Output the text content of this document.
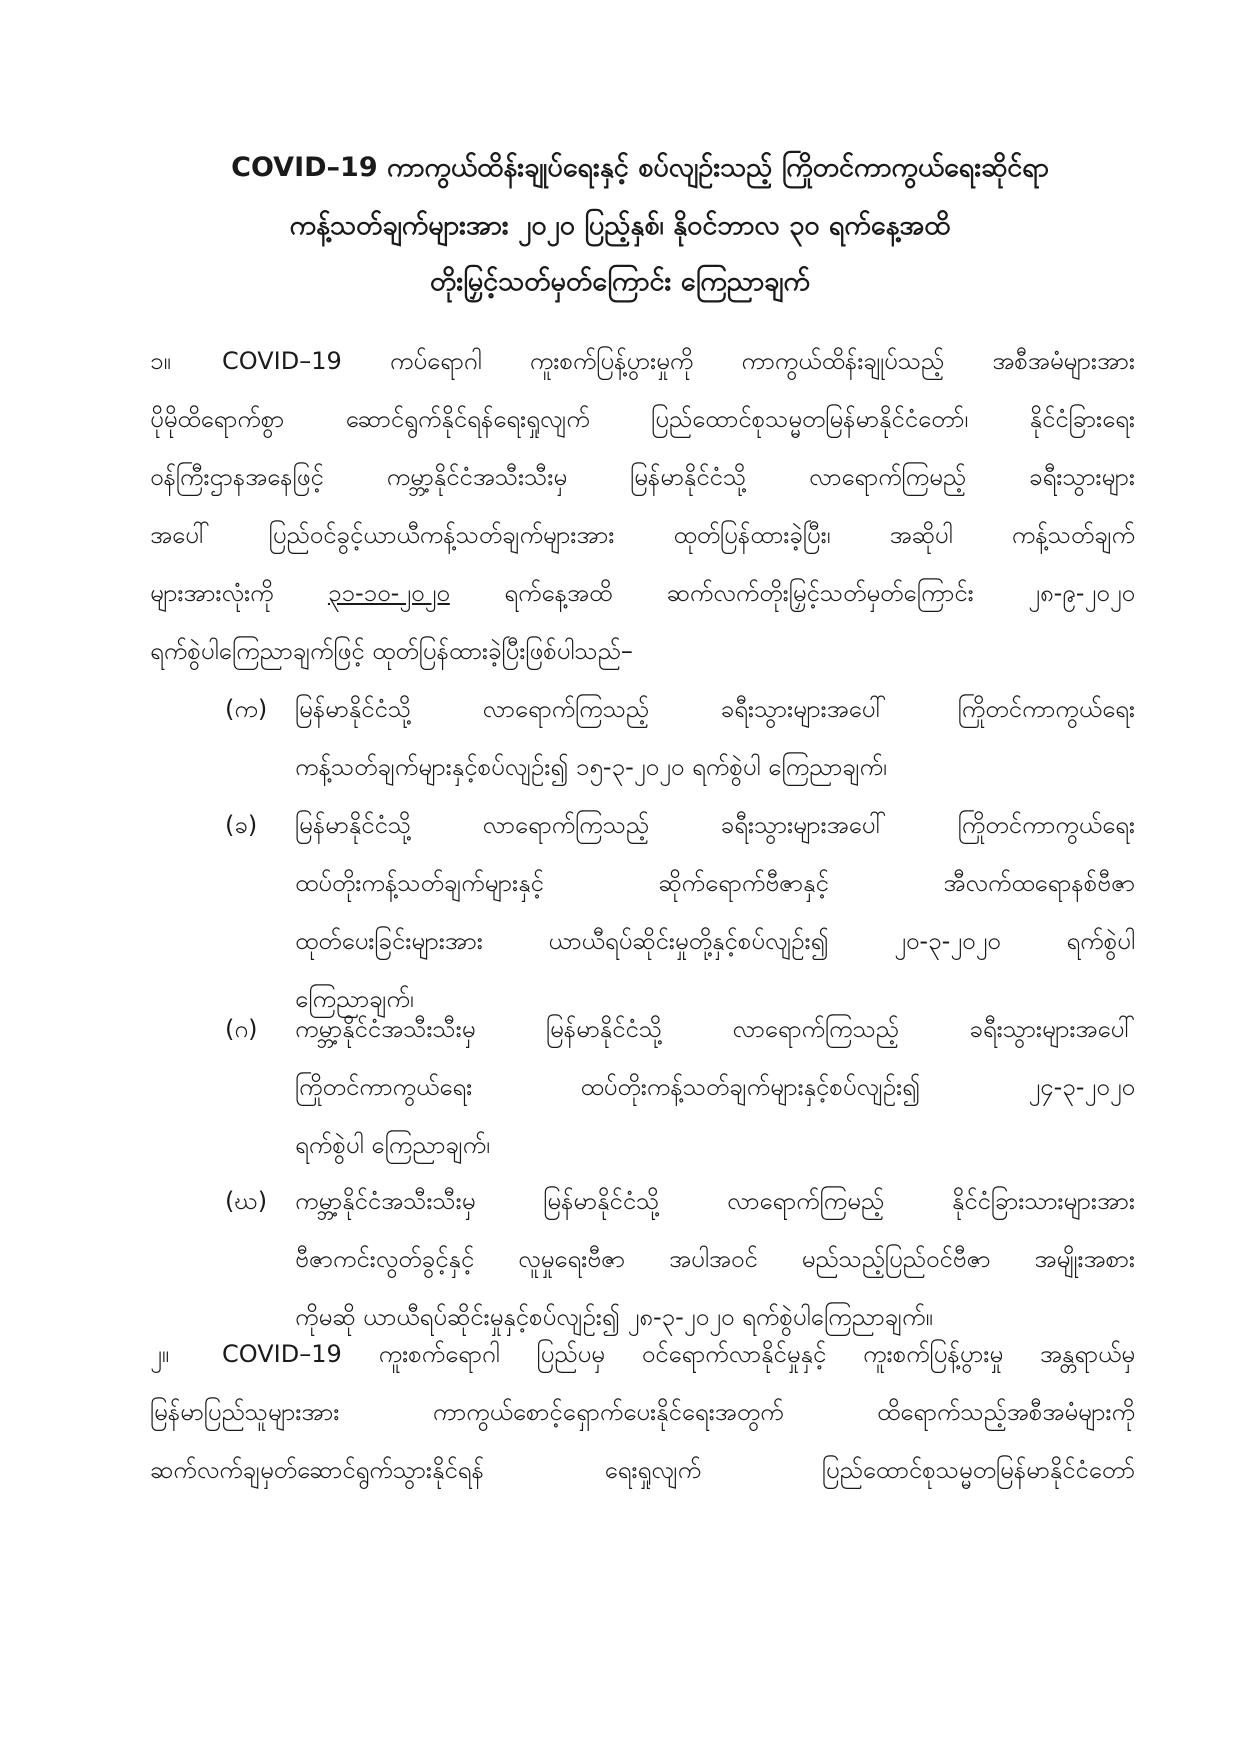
COVID–19 ကာကွယ်ထိန်းချုပ်ရေးနှင့် စပ်လျဉ်းသည့် ကြိုတင်ကာကွယ်ရေးဆိုင်ရာ
ကန့်သတ်ချက်များအား ၂၀၂၀ ပြည့်နှစ်၊ နိုဝင်ဘာလ ၃၀ ရက်နေ့အထိ
တိုးမြှင့်သတ်မှတ်ကြောင်း ကြေညာချက်
၁။ COVID–19 ကပ်ရောဂါ ကူးစက်ပြန့်ပွားမှုကို ကာကွယ်ထိန်းချုပ်သည့် အစီအမံများအား
ပိုမိုထိရောက်စွာ ဆောင်ရွက်နိုင်ရန်ရေးရှုလျက် ပြည်ထောင်စုသမ္မတမြန်မာနိုင်ငံတော်၊ နိုင်ငံခြားရေး
ဝန်ကြီးဌာနအနေဖြင့် ကမ္ဘာ့နိုင်ငံအသီးသီးမှ မြန်မာနိုင်ငံသို့ လာရောက်ကြမည့် ခရီးသွားများ
အပေါ် ပြည်ဝင်ခွင့်ယာယီကန့်သတ်ချက်များအား ထုတ်ပြန်ထားခဲ့ပြီး၊ အဆိုပါ ကန့်သတ်ချက်
များအားလုံးကို ၃၁-၁၀-၂၀၂၀ ရက်နေ့အထိ ဆက်လက်တိုးမြှင့်သတ်မှတ်ကြောင်း ၂၈-၉-၂၀၂၀
ရက်စွဲပါကြေညာချက်ဖြင့် ထုတ်ပြန်ထားခဲ့ပြီးဖြစ်ပါသည်–
(က)	မြန်မာနိုင်ငံသို့ လာရောက်ကြသည့် ခရီးသွားများအပေါ် ကြိုတင်ကာကွယ်ရေး
ကန့်သတ်ချက်များနှင့်စပ်လျဉ်း၍ ၁၅-၃-၂၀၂၀ ရက်စွဲပါ ကြေညာချက်၊
(ခ)	မြန်မာနိုင်ငံသို့ လာရောက်ကြသည့် ခရီးသွားများအပေါ် ကြိုတင်ကာကွယ်ရေး
ထပ်တိုးကန့်သတ်ချက်များနှင့် ဆိုက်ရောက်ဗီဇာနှင့် အီလက်ထရောနစ်ဗီဇာ
ထုတ်ပေးခြင်းများအား ယာယီရပ်ဆိုင်းမှုတို့နှင့်စပ်လျဉ်း၍ ၂၀-၃-၂၀၂၀ ရက်စွဲပါ
ကြေညာချက်၊
(ဂ)	ကမ္ဘာ့နိုင်ငံအသီးသီးမှ မြန်မာနိုင်ငံသို့ လာရောက်ကြသည့် ခရီးသွားများအပေါ်
ကြိုတင်ကာကွယ်ရေး ထပ်တိုးကန့်သတ်ချက်များနှင့်စပ်လျဉ်း၍ ၂၄-၃-၂၀၂၀
ရက်စွဲပါ ကြေညာချက်၊
(ဃ)	ကမ္ဘာ့နိုင်ငံအသီးသီးမှ မြန်မာနိုင်ငံသို့ လာရောက်ကြမည့် နိုင်ငံခြားသားများအား
ဗီဇာကင်းလွတ်ခွင့်နှင့် လူမှုရေးဗီဇာ အပါအဝင် မည်သည့်ပြည်ဝင်ဗီဇာ အမျိုးအစား
ကိုမဆို ယာယီရပ်ဆိုင်းမှုနှင့်စပ်လျဉ်း၍ ၂၈-၃-၂၀၂၀ ရက်စွဲပါကြေညာချက်။
၂။ COVID–19 ကူးစက်ရောဂါ ပြည်ပမှ ဝင်ရောက်လာနိုင်မှုနှင့် ကူးစက်ပြန့်ပွားမှု အန္တရာယ်မှ
မြန်မာပြည်သူများအား ကာကွယ်စောင့်ရှောက်ပေးနိုင်ရေးအတွက် ထိရောက်သည့်အစီအမံများကို
ဆက်လက်ချမှတ်ဆောင်ရွက်သွားနိုင်ရန် ရေးရှုလျက် ပြည်ထောင်စုသမ္မတမြန်မာနိုင်ငံတော်
